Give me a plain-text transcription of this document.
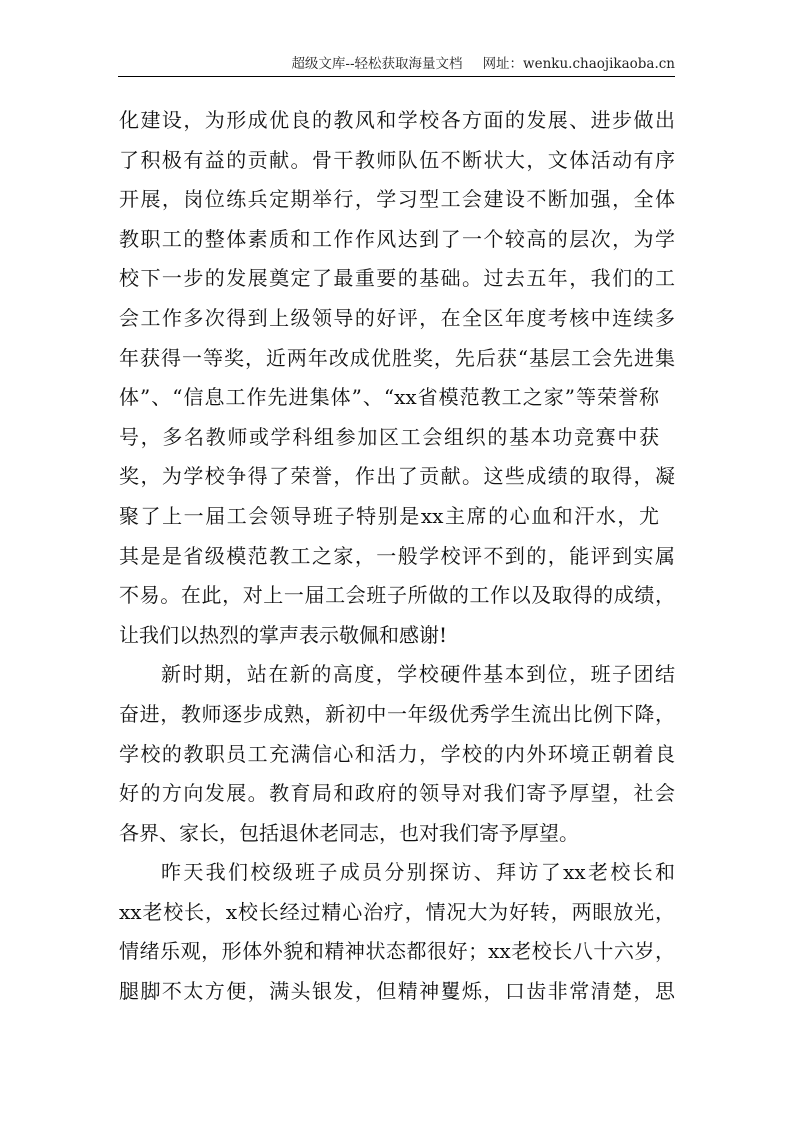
超级文库--轻松获取海量文档 网址：wenku.chaojikaoba.cn
化建设，为形成优良的教风和学校各方面的发展、进步做出
了积极有益的贡献。骨干教师队伍不断状大，文体活动有序
开展，岗位练兵定期举行，学习型工会建设不断加强，全体
教职工的整体素质和工作作风达到了一个较高的层次，为学
校下一步的发展奠定了最重要的基础。过去五年，我们的工
会工作多次得到上级领导的好评，在全区年度考核中连续多
年获得一等奖，近两年改成优胜奖，先后获“基层工会先进集
体”、“信息工作先进集体”、“xx省模范教工之家”等荣誉称
号，多名教师或学科组参加区工会组织的基本功竞赛中获
奖，为学校争得了荣誉，作出了贡献。这些成绩的取得，凝
聚了上一届工会领导班子特别是xx主席的心血和汗水，尤
其是是省级模范教工之家，一般学校评不到的，能评到实属
不易。在此，对上一届工会班子所做的工作以及取得的成绩，
让我们以热烈的掌声表示敬佩和感谢!
新时期，站在新的高度，学校硬件基本到位，班子团结
奋进，教师逐步成熟，新初中一年级优秀学生流出比例下降，
学校的教职员工充满信心和活力，学校的内外环境正朝着良
好的方向发展。教育局和政府的领导对我们寄予厚望，社会
各界、家长，包括退休老同志，也对我们寄予厚望。
昨天我们校级班子成员分别探访、拜访了xx老校长和
xx老校长，x校长经过精心治疗，情况大为好转，两眼放光，
情绪乐观，形体外貌和精神状态都很好；xx老校长八十六岁，
腿脚不太方便，满头银发，但精神矍烁，口齿非常清楚，思
